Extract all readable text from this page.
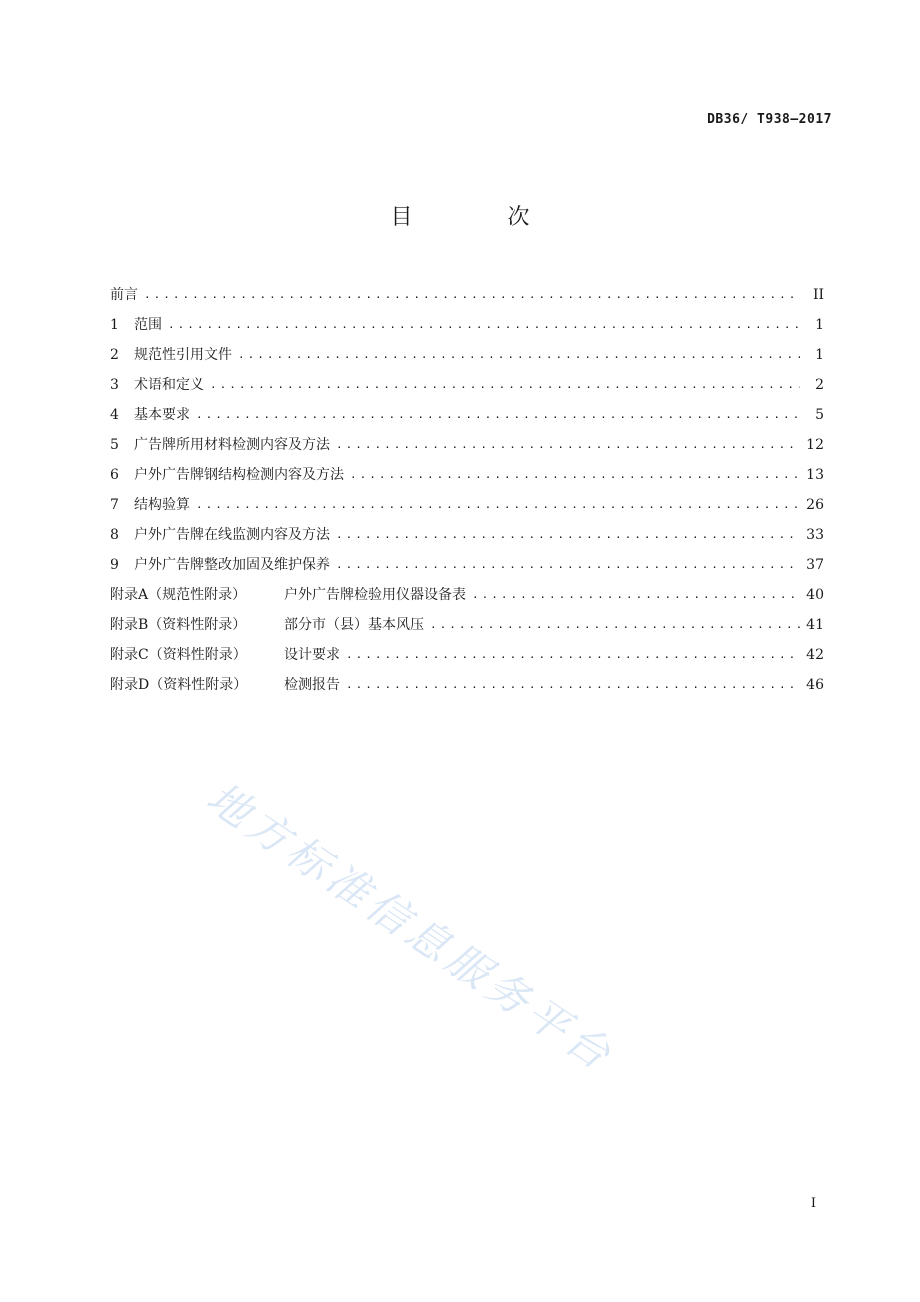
DB36/ T938—2017
目 次
前言 .....	II
1	范围 .....	1
2	规范性引用文件 .....	1
3	术语和定义 .....	2
4	基本要求 .....	5
5	广告牌所用材料检测内容及方法 .....	12
6	户外广告牌钢结构检测内容及方法 .....	13
7	结构验算 .....	26
8	户外广告牌在线监测内容及方法 .....	33
9	户外广告牌整改加固及维护保养 .....	37
附录A（规范性附录）	户外广告牌检验用仪器设备表 .....	40
附录B（资料性附录）	部分市（县）基本风压 .....	41
附录C（资料性附录）	设计要求 .....	42
附录D（资料性附录）	检测报告 .....	46
地方标准信息服务平台
I
